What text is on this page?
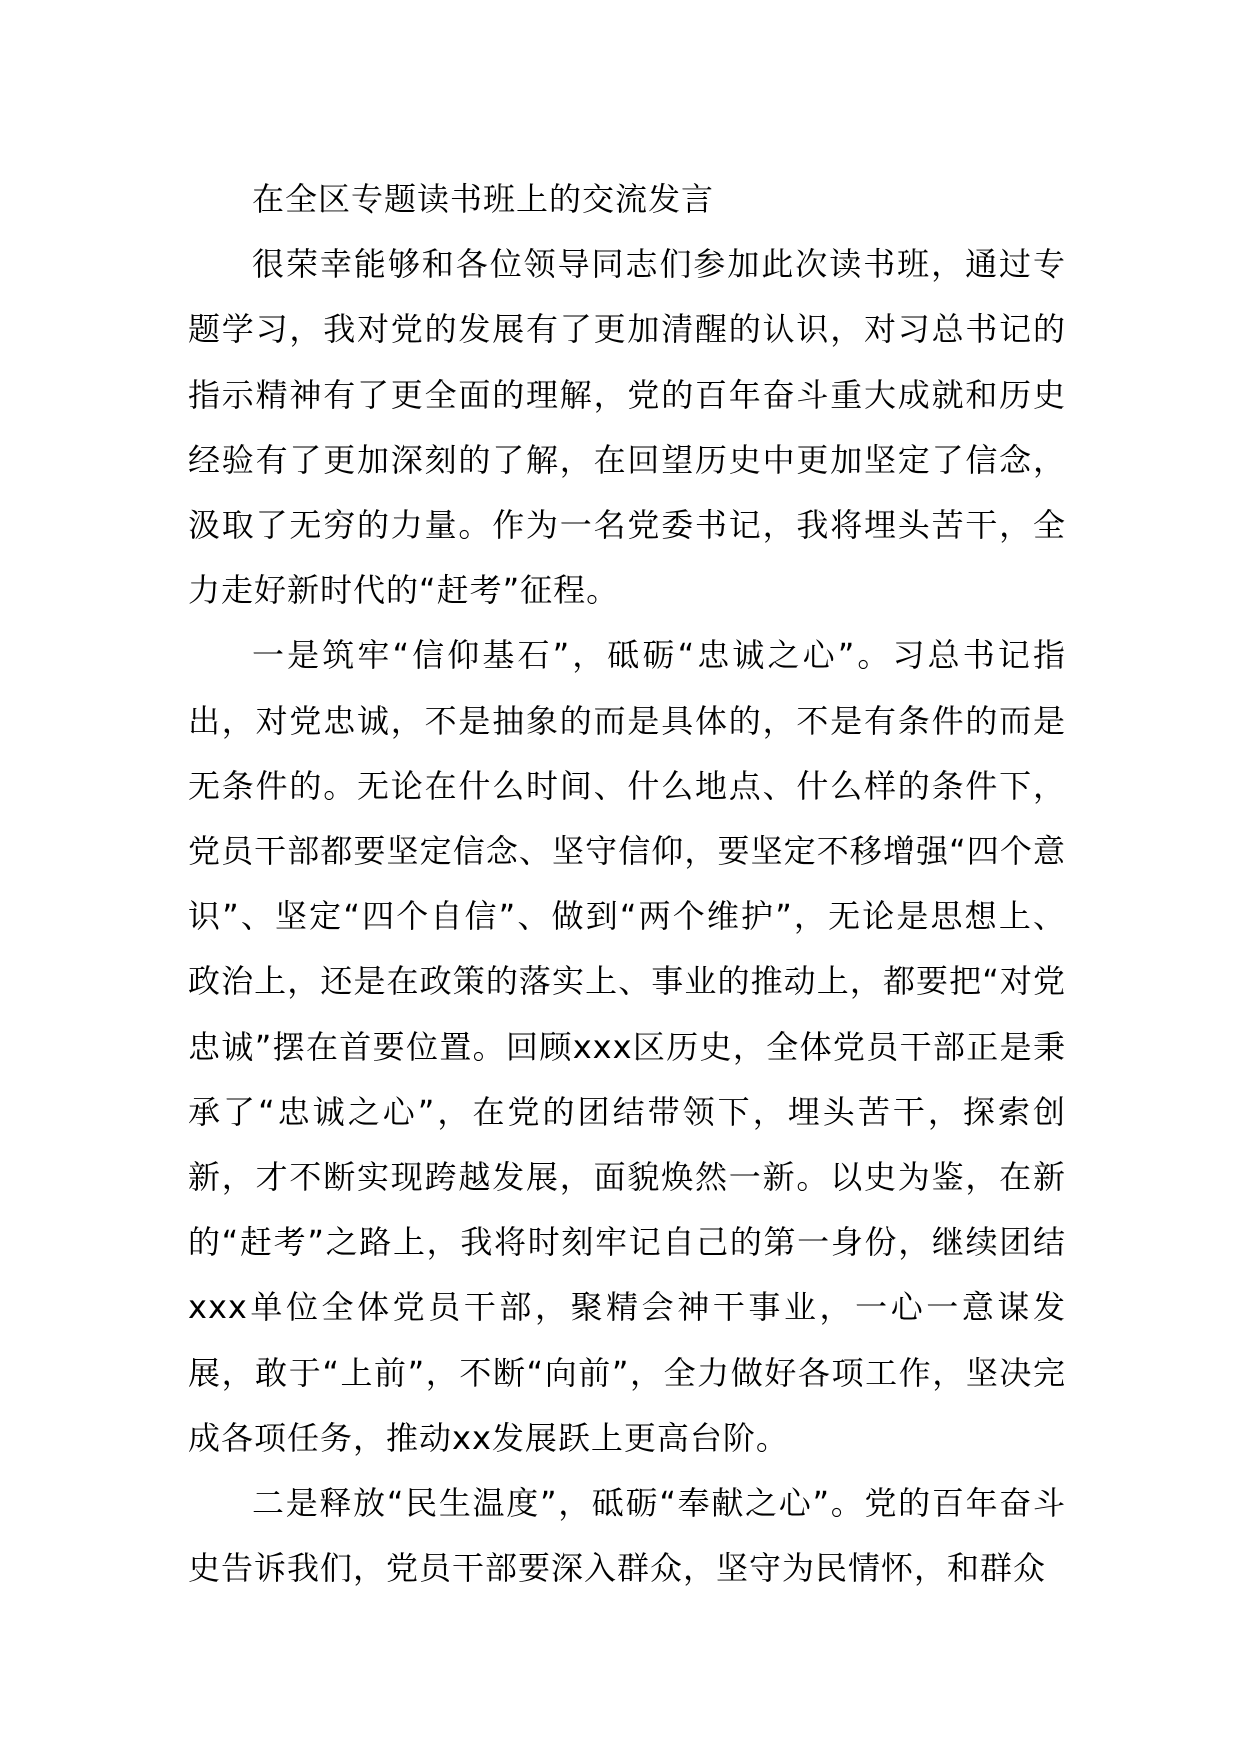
在全区专题读书班上的交流发言

很荣幸能够和各位领导同志们参加此次读书班，通过专题学习，我对党的发展有了更加清醒的认识，对习总书记的指示精神有了更全面的理解，党的百年奋斗重大成就和历史经验有了更加深刻的了解，在回望历史中更加坚定了信念，汲取了无穷的力量。作为一名党委书记，我将埋头苦干，全力走好新时代的“赶考”征程。

一是筑牢“信仰基石”，砥砺“忠诚之心”。习总书记指出，对党忠诚，不是抽象的而是具体的，不是有条件的而是无条件的。无论在什么时间、什么地点、什么样的条件下，党员干部都要坚定信念、坚守信仰，要坚定不移增强“四个意识”、坚定“四个自信”、做到“两个维护”，无论是思想上、政治上，还是在政策的落实上、事业的推动上，都要把“对党忠诚”摆在首要位置。回顾xxx区历史，全体党员干部正是秉承了“忠诚之心”，在党的团结带领下，埋头苦干，探索创新，才不断实现跨越发展，面貌焕然一新。以史为鉴，在新的“赶考”之路上，我将时刻牢记自己的第一身份，继续团结xxx单位全体党员干部，聚精会神干事业，一心一意谋发展，敢于“上前”，不断“向前”，全力做好各项工作，坚决完成各项任务，推动xx发展跃上更高台阶。

二是释放“民生温度”，砥砺“奉献之心”。党的百年奋斗史告诉我们，党员干部要深入群众，坚守为民情怀，和群众
